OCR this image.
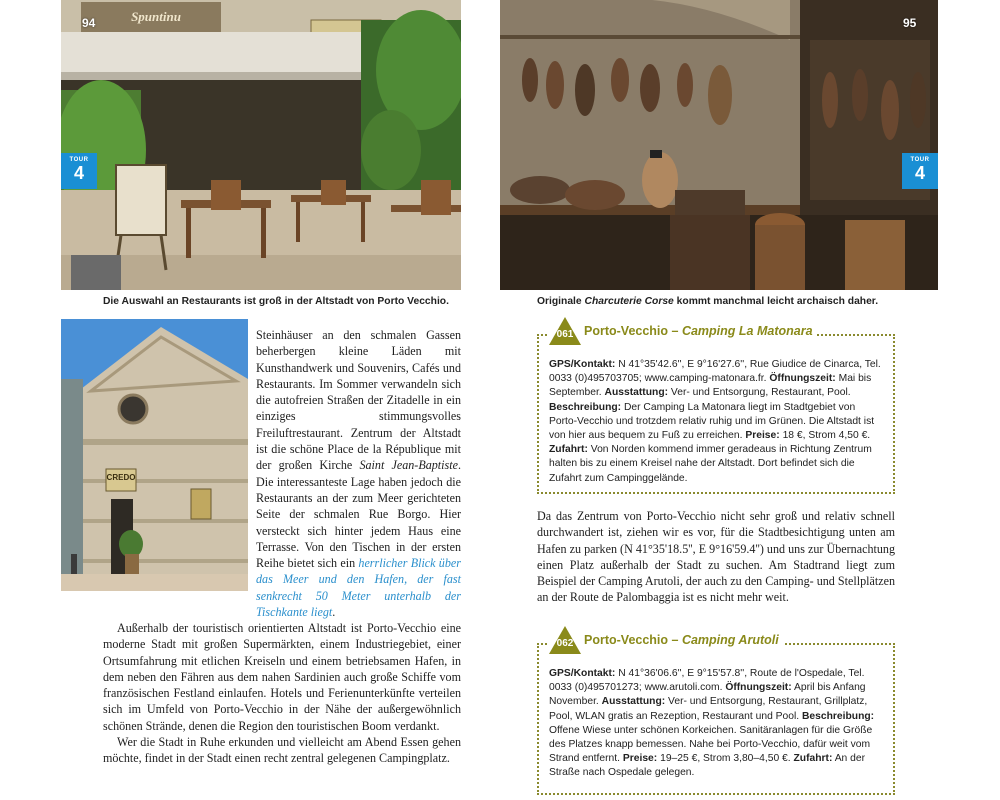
94
TOUR
4
Die Auswahl an Restaurants ist groß in der Altstadt von Porto Vecchio.

Steinhäuser an den schmalen Gassen beherbergen kleine Läden mit Kunsthandwerk und Souvenirs, Cafés und Restaurants. Im Sommer verwandeln sich die autofreien Straßen der Zitadelle in ein einziges stimmungsvolles Freiluftrestaurant. Zentrum der Altstadt ist die schöne Place de la République mit der großen Kirche Saint Jean-Baptiste. Die interessanteste Lage haben jedoch die Restaurants an der zum Meer gerichteten Seite der schmalen Rue Borgo. Hier versteckt sich hinter jedem Haus eine Terrasse. Von den Tischen in der ersten Reihe bietet sich ein herrlicher Blick über das Meer und den Hafen, der fast senkrecht 50 Meter unterhalb der Tischkante liegt.

Außerhalb der touristisch orientierten Altstadt ist Porto-Vecchio eine moderne Stadt mit großen Supermärkten, einem Industriegebiet, einer Ortsumfahrung mit etlichen Kreiseln und einem betriebsamen Hafen, in dem neben den Fähren aus dem nahen Sardinien auch große Schiffe vom französischen Festland einlaufen. Hotels und Ferienunterkünfte verteilen sich im Umfeld von Porto-Vecchio in der Nähe der außergewöhnlich schönen Strände, denen die Region den touristischen Boom verdankt.

Wer die Stadt in Ruhe erkunden und vielleicht am Abend Essen gehen möchte, findet in der Stadt einen recht zentral gelegenen Campingplatz.

95
TOUR
4
Originale Charcuterie Corse kommt manchmal leicht archaisch daher.
GPS/Kontakt: N 41°35'42.6'', E 9°16'27.6'', Rue Giudice de Cinarca, Tel. 0033 (0)495703705; www.camping-matonara.fr. Öffnungszeit: Mai bis September. Ausstattung: Ver- und Entsorgung, Restaurant, Pool.
Beschreibung: Der Camping La Matonara liegt im Stadtgebiet von Porto-Vecchio und trotzdem relativ ruhig und im Grünen. Die Altstadt ist von hier aus bequem zu Fuß zu erreichen. Preise: 18 €, Strom 4,50 €.
Zufahrt: Von Norden kommend immer geradeaus in Richtung Zentrum halten bis zu einem Kreisel nahe der Altstadt. Dort befindet sich die Zufahrt zum Campinggelände.
061 Porto-Vecchio – Camping La Matonara

Da das Zentrum von Porto-Vecchio nicht sehr groß und relativ schnell durchwandert ist, ziehen wir es vor, für die Stadtbesichtigung unten am Hafen zu parken (N 41°35'18.5'', E 9°16'59.4'') und uns zur Übernachtung einen Platz außerhalb der Stadt zu suchen. Am Stadtrand liegt zum Beispiel der Camping Arutoli, der auch zu den Camping- und Stellplätzen an der Route de Palombaggia ist es nicht mehr weit.

GPS/Kontakt: N 41°36'06.6'', E 9°15'57.8'', Route de l'Ospedale, Tel. 0033 (0)495701273; www.arutoli.com. Öffnungszeit: April bis Anfang November. Ausstattung: Ver- und Entsorgung, Restaurant, Grillplatz, Pool, WLAN gratis an Rezeption, Restaurant und Pool. Beschreibung: Offene Wiese unter schönen Korkeichen. Sanitäranlagen für die Größe des Platzes knapp bemessen. Nahe bei Porto-Vecchio, dafür weit vom Strand entfernt. Preise: 19–25 €, Strom 3,80–4,50 €. Zufahrt: An der Straße nach Ospedale gelegen.
062 Porto-Vecchio – Camping Arutoli
Spuntinu
CREDO
